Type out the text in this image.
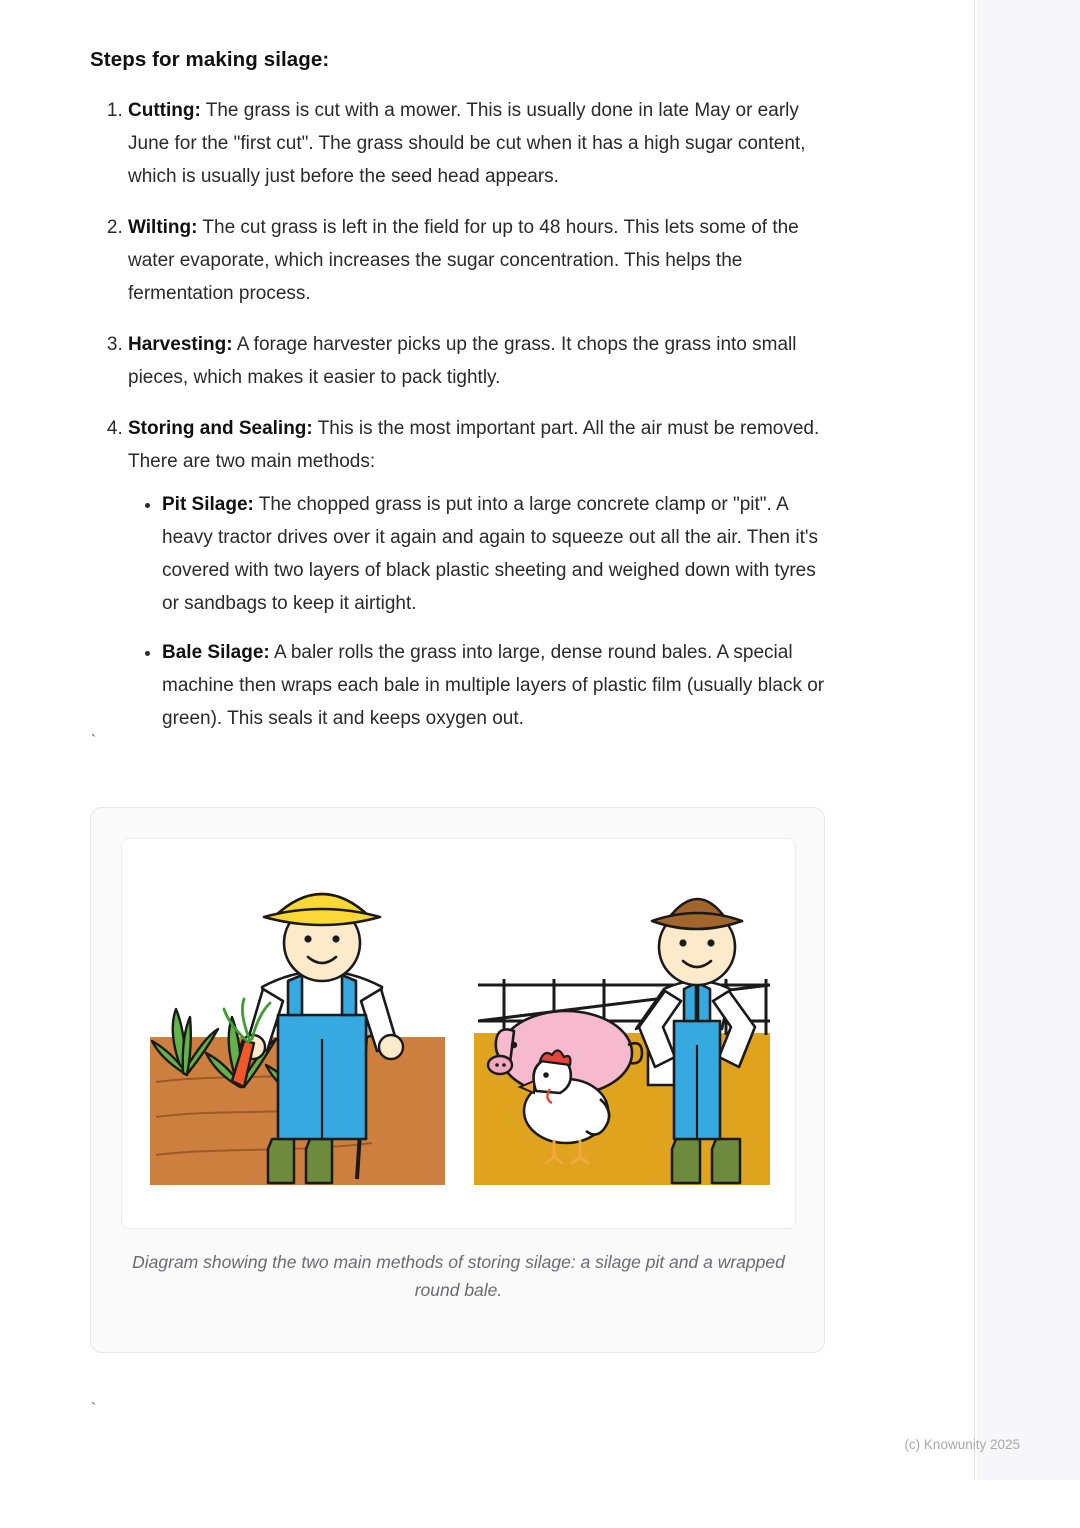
Steps for making silage:
1. Cutting: The grass is cut with a mower. This is usually done in late May or early June for the "first cut". The grass should be cut when it has a high sugar content, which is usually just before the seed head appears.
2. Wilting: The cut grass is left in the field for up to 48 hours. This lets some of the water evaporate, which increases the sugar concentration. This helps the fermentation process.
3. Harvesting: A forage harvester picks up the grass. It chops the grass into small pieces, which makes it easier to pack tightly.
4. Storing and Sealing: This is the most important part. All the air must be removed. There are two main methods:
• Pit Silage: The chopped grass is put into a large concrete clamp or "pit". A heavy tractor drives over it again and again to squeeze out all the air. Then it's covered with two layers of black plastic sheeting and weighed down with tyres or sandbags to keep it airtight.
• Bale Silage: A baler rolls the grass into large, dense round bales. A special machine then wraps each bale in multiple layers of plastic film (usually black or green). This seals it and keeps oxygen out.
`
`
Diagram showing the two main methods of storing silage: a silage pit and a wrapped round bale.
(c) Knowunity 2025
